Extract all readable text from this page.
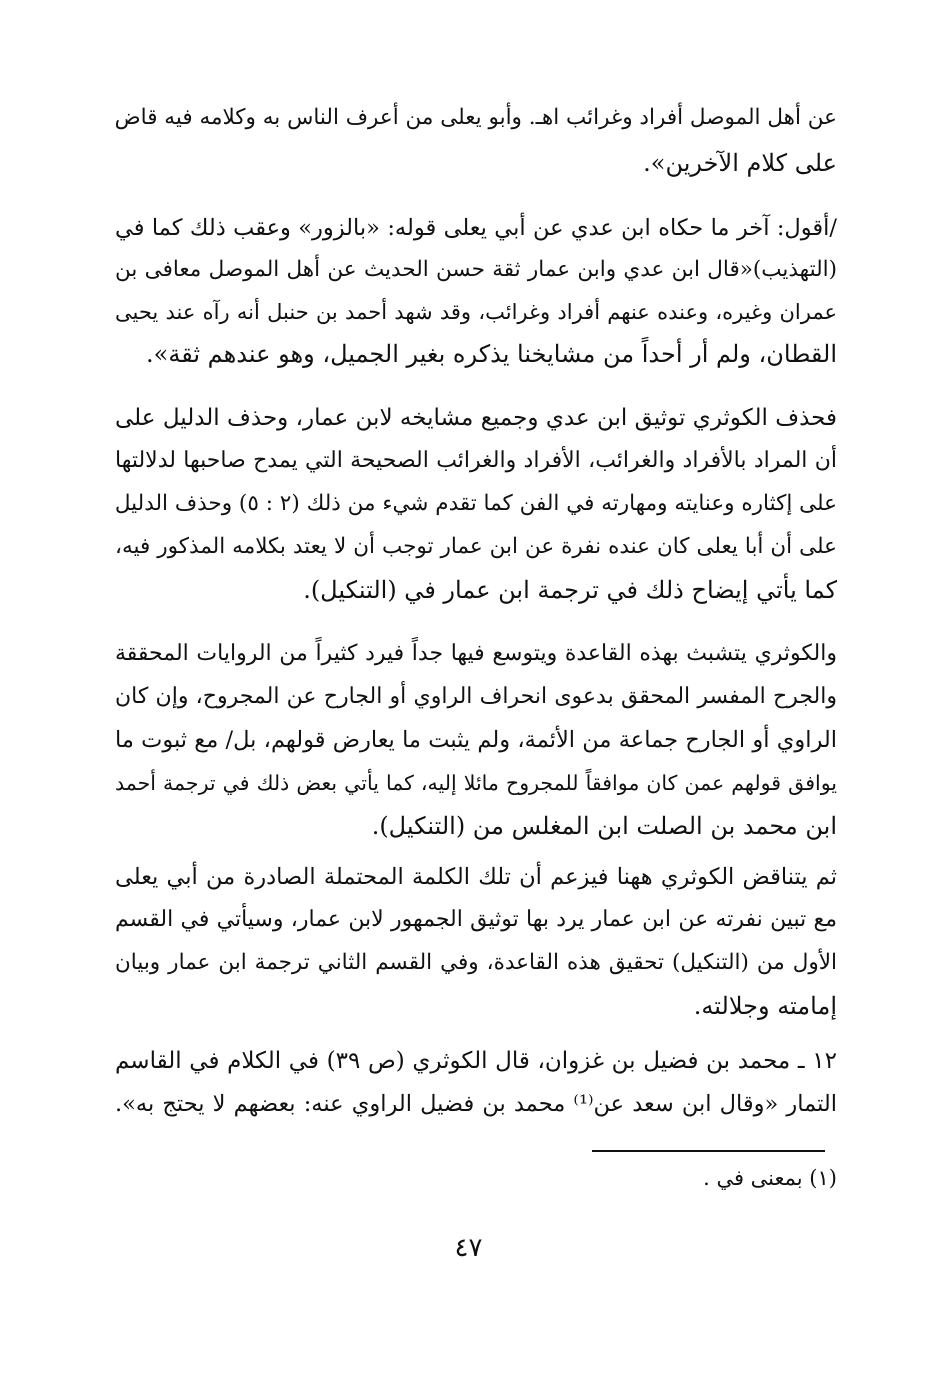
عن أهل الموصل أفراد وغرائب اهـ. وأبو يعلى من أعرف الناس به وكلامه فيه قاض
على كلام الآخرين».
/أقول: آخر ما حكاه ابن عدي عن أبي يعلى قوله: «بالزور» وعقب ذلك كما في
(التهذيب)«قال ابن عدي وابن عمار ثقة حسن الحديث عن أهل الموصل معافى بن
عمران وغيره، وعنده عنهم أفراد وغرائب، وقد شهد أحمد بن حنبل أنه رآه عند يحيى
القطان، ولم أر أحداً من مشايخنا يذكره بغير الجميل، وهو عندهم ثقة».
فحذف الكوثري توثيق ابن عدي وجميع مشايخه لابن عمار، وحذف الدليل على
أن المراد بالأفراد والغرائب، الأفراد والغرائب الصحيحة التي يمدح صاحبها لدلالتها
على إكثاره وعنايته ومهارته في الفن كما تقدم شيء من ذلك (٢ : ٥) وحذف الدليل
على أن أبا يعلى كان عنده نفرة عن ابن عمار توجب أن لا يعتد بكلامه المذكور فيه،
كما يأتي إيضاح ذلك في ترجمة ابن عمار في (التنكيل).
والكوثري يتشبث بهذه القاعدة ويتوسع فيها جداً فيرد كثيراً من الروايات المحققة
والجرح المفسر المحقق بدعوى انحراف الراوي أو الجارح عن المجروح، وإن كان
الراوي أو الجارح جماعة من الأئمة، ولم يثبت ما يعارض قولهم، بل/ مع ثبوت ما
يوافق قولهم عمن كان موافقاً للمجروح مائلا إليه، كما يأتي بعض ذلك في ترجمة أحمد
ابن محمد بن الصلت ابن المغلس من (التنكيل).
ثم يتناقض الكوثري ههنا فيزعم أن تلك الكلمة المحتملة الصادرة من أبي يعلى
مع تبين نفرته عن ابن عمار يرد بها توثيق الجمهور لابن عمار، وسيأتي في القسم
الأول من (التنكيل) تحقيق هذه القاعدة، وفي القسم الثاني ترجمة ابن عمار وبيان
إمامته وجلالته.
١٢ ـ محمد بن فضيل بن غزوان، قال الكوثري (ص ٣٩) في الكلام في القاسم
التمار «وقال ابن سعد عن⁽¹⁾ محمد بن فضيل الراوي عنه: بعضهم لا يحتج به».
(١) بمعنى في .
٤٧
